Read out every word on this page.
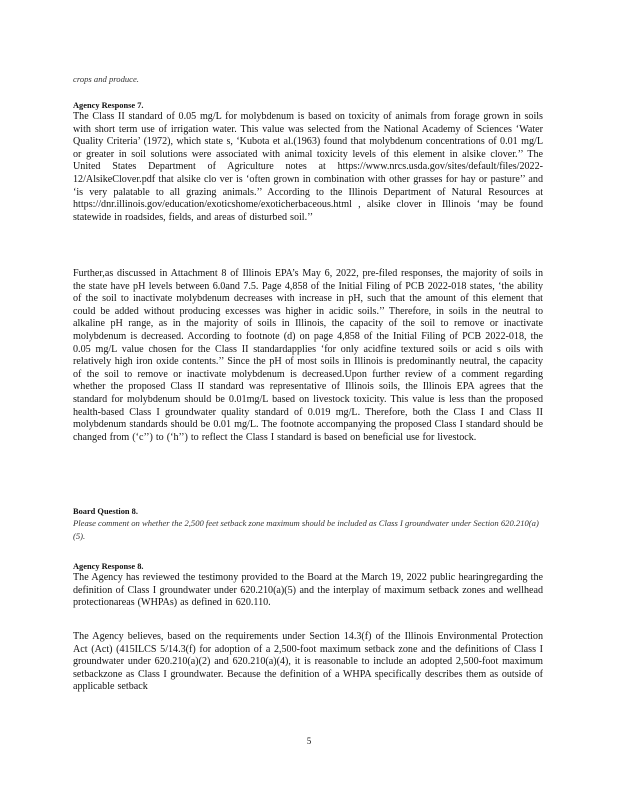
crops and produce.

Agency Response 7.

The Class II standard of 0.05 mg/L for molybdenum is based on toxicity of animals from forage grown in soils with short term use of irrigation water. This value was selected from the National Academy of Sciences ‘Water Quality Criteria’ (1972), which state s, ‘Kubota et al.(1963) found that molybdenum concentrations of 0.01 mg/L or greater in soil solutions were associated with animal toxicity levels of this element in alsike clover.’’ The United States Department of Agriculture notes at https://www.nrcs.usda.gov/sites/default/files/2022-12/AlsikeClover.pdf that alsike clo ver is ‘often grown in combination with other grasses for hay or pasture’’ and ‘is very palatable to all grazing animals.’’ According to the Illinois Department of Natural Resources at https://dnr.illinois.gov/education/exoticshome/exoticherbaceous.html , alsike clover in Illinois ‘may be found statewide in roadsides, fields, and areas of disturbed soil.’’

Further,as discussed in Attachment 8 of Illinois EPA’s May 6, 2022, pre-filed responses, the majority of soils in the state have pH levels between 6.0and 7.5. Page 4,858 of the Initial Filing of PCB 2022-018 states, ‘the ability of the soil to inactivate molybdenum decreases with increase in pH, such that the amount of this element that could be added without producing excesses was higher in acidic soils.’’ Therefore, in soils in the neutral to alkaline pH range, as in the majority of soils in Illinois, the capacity of the soil to remove or inactivate molybdenum is decreased. According to footnote (d) on page 4,858 of the Initial Filing of PCB 2022-018, the 0.05 mg/L value chosen for the Class II standardapplies ‘for only acidfine textured soils or acid s oils with relatively high iron oxide contents.’’ Since the pH of most soils in Illinois is predominantly neutral, the capacity of the soil to remove or inactivate molybdenum is decreased.Upon further review of a comment regarding whether the proposed Class II standard was representative of Illinois soils, the Illinois EPA agrees that the standard for molybdenum should be 0.01mg/L based on livestock toxicity. This value is less than the proposed health-based Class I groundwater quality standard of 0.019 mg/L. Therefore, both the Class I and Class II molybdenum standards should be 0.01 mg/L. The footnote accompanying the proposed Class I standard should be changed from (‘c’’) to (‘h’’) to reflect the Class I standard is based on beneficial use for livestock.

Board Question 8.

Please comment on whether the 2,500 feet setback zone maximum should be included as Class I groundwater under Section 620.210(a)(5).

Agency Response 8.

The Agency has reviewed the testimony provided to the Board at the March 19, 2022 public hearingregarding the definition of Class I groundwater under 620.210(a)(5) and the interplay of maximum setback zones and wellhead protectionareas (WHPAs) as defined in 620.110.

The Agency believes, based on the requirements under Section 14.3(f) of the Illinois Environmental Protection Act (Act) (415ILCS 5/14.3(f) for adoption of a 2,500-foot maximum setback zone and the definitions of Class I groundwater under 620.210(a)(2) and 620.210(a)(4), it is reasonable to include an adopted 2,500-foot maximum setbackzone as Class I groundwater. Because the definition of a WHPA specifically describes them as outside of applicable setback

5
